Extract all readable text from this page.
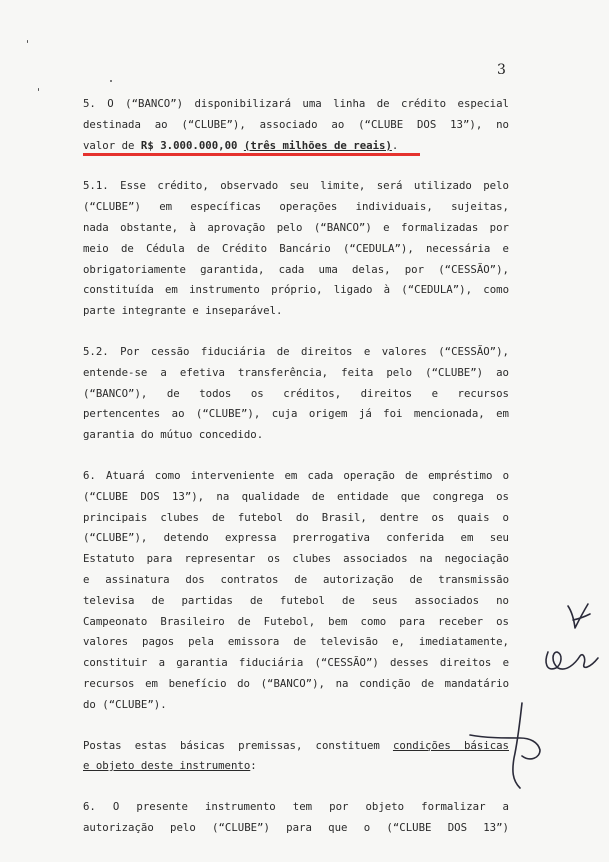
3
5. O (“BANCO”) disponibilizará uma linha de crédito especial
destinada ao (“CLUBE”), associado ao (“CLUBE DOS 13”), no
valor de R$ 3.000.000,00 (três milhões de reais).
5.1. Esse crédito, observado seu limite, será utilizado pelo
(“CLUBE”) em específicas operações individuais, sujeitas,
nada obstante, à aprovação pelo (“BANCO”) e formalizadas por
meio de Cédula de Crédito Bancário (“CEDULA”), necessária e
obrigatoriamente garantida, cada uma delas, por (“CESSÃO”),
constituída em instrumento próprio, ligado à (“CEDULA”), como
parte integrante e inseparável.
5.2. Por cessão fiduciária de direitos e valores (“CESSÃO”),
entende-se a efetiva transferência, feita pelo (“CLUBE”) ao
(“BANCO”), de todos os créditos, direitos e recursos
pertencentes ao (“CLUBE”), cuja origem já foi mencionada, em
garantia do mútuo concedido.
6. Atuará como interveniente em cada operação de empréstimo o
(“CLUBE DOS 13”), na qualidade de entidade que congrega os
principais clubes de futebol do Brasil, dentre os quais o
(“CLUBE”), detendo expressa prerrogativa conferida em seu
Estatuto para representar os clubes associados na negociação
e assinatura dos contratos de autorização de transmissão
televisa de partidas de futebol de seus associados no
Campeonato Brasileiro de Futebol, bem como para receber os
valores pagos pela emissora de televisão e, imediatamente,
constituir a garantia fiduciária (“CESSÃO”) desses direitos e
recursos em benefício do (“BANCO”), na condição de mandatário
do (“CLUBE”).
Postas estas básicas premissas, constituem condições básicas
e objeto deste instrumento:
6. O presente instrumento tem por objeto formalizar a
autorização pelo (“CLUBE”) para que o (“CLUBE DOS 13”)
